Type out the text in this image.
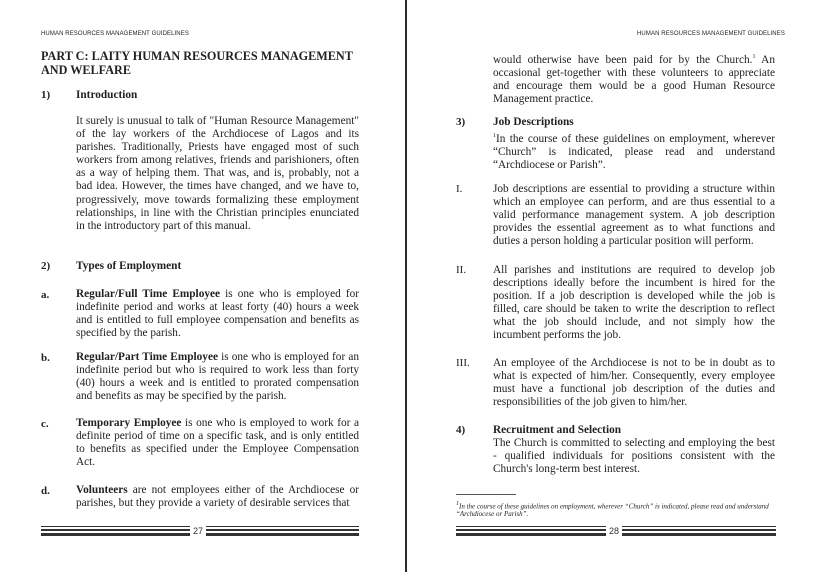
HUMAN RESOURCES MANAGEMENT GUIDELINES
PART C: LAITY HUMAN RESOURCES MANAGEMENT AND WELFARE
1) Introduction
It surely is unusual to talk of "Human Resource Management" of the lay workers of the Archdiocese of Lagos and its parishes. Traditionally, Priests have engaged most of such workers from among relatives, friends and parishioners, often as a way of helping them. That was, and is, probably, not a bad idea. However, the times have changed, and we have to, progressively, move towards formalizing these employment relationships, in line with the Christian principles enunciated in the introductory part of this manual.
2) Types of Employment
a. Regular/Full Time Employee is one who is employed for indefinite period and works at least forty (40) hours a week and is entitled to full employee compensation and benefits as specified by the parish.
b. Regular/Part Time Employee is one who is employed for an indefinite period but who is required to work less than forty (40) hours a week and is entitled to prorated compensation and benefits as may be specified by the parish.
c. Temporary Employee is one who is employed to work for a definite period of time on a specific task, and is only entitled to benefits as specified under the Employee Compensation Act.
d. Volunteers are not employees either of the Archdiocese or parishes, but they provide a variety of desirable services that
27
HUMAN RESOURCES MANAGEMENT GUIDELINES
would otherwise have been paid for by the Church.$^1$ An occasional get-together with these volunteers to appreciate and encourage them would be a good Human Resource Management practice.
3) Job Descriptions
$^1$In the course of these guidelines on employment, wherever “Church” is indicated, please read and understand “Archdiocese or Parish”.
I.	Job descriptions are essential to providing a structure within which an employee can perform, and are thus essential to a valid performance management system. A job description provides the essential agreement as to what functions and duties a person holding a particular position will perform.
II. All parishes and institutions are required to develop job descriptions ideally before the incumbent is hired for the position. If a job description is developed while the job is filled, care should be taken to write the description to reflect what the job should include, and not simply how the incumbent performs the job.
III. An employee of the Archdiocese is not to be in doubt as to what is expected of him/her. Consequently, every employee must have a functional job description of the duties and responsibilities of the job given to him/her.
4) Recruitment and Selection
The Church is committed to selecting and employing the best - qualified individuals for positions consistent with the Church's long-term best interest.
1In the course of these guidelines on employment, wherever “Church” is indicated, please read and understand “Archdiocese or Parish”.
28
